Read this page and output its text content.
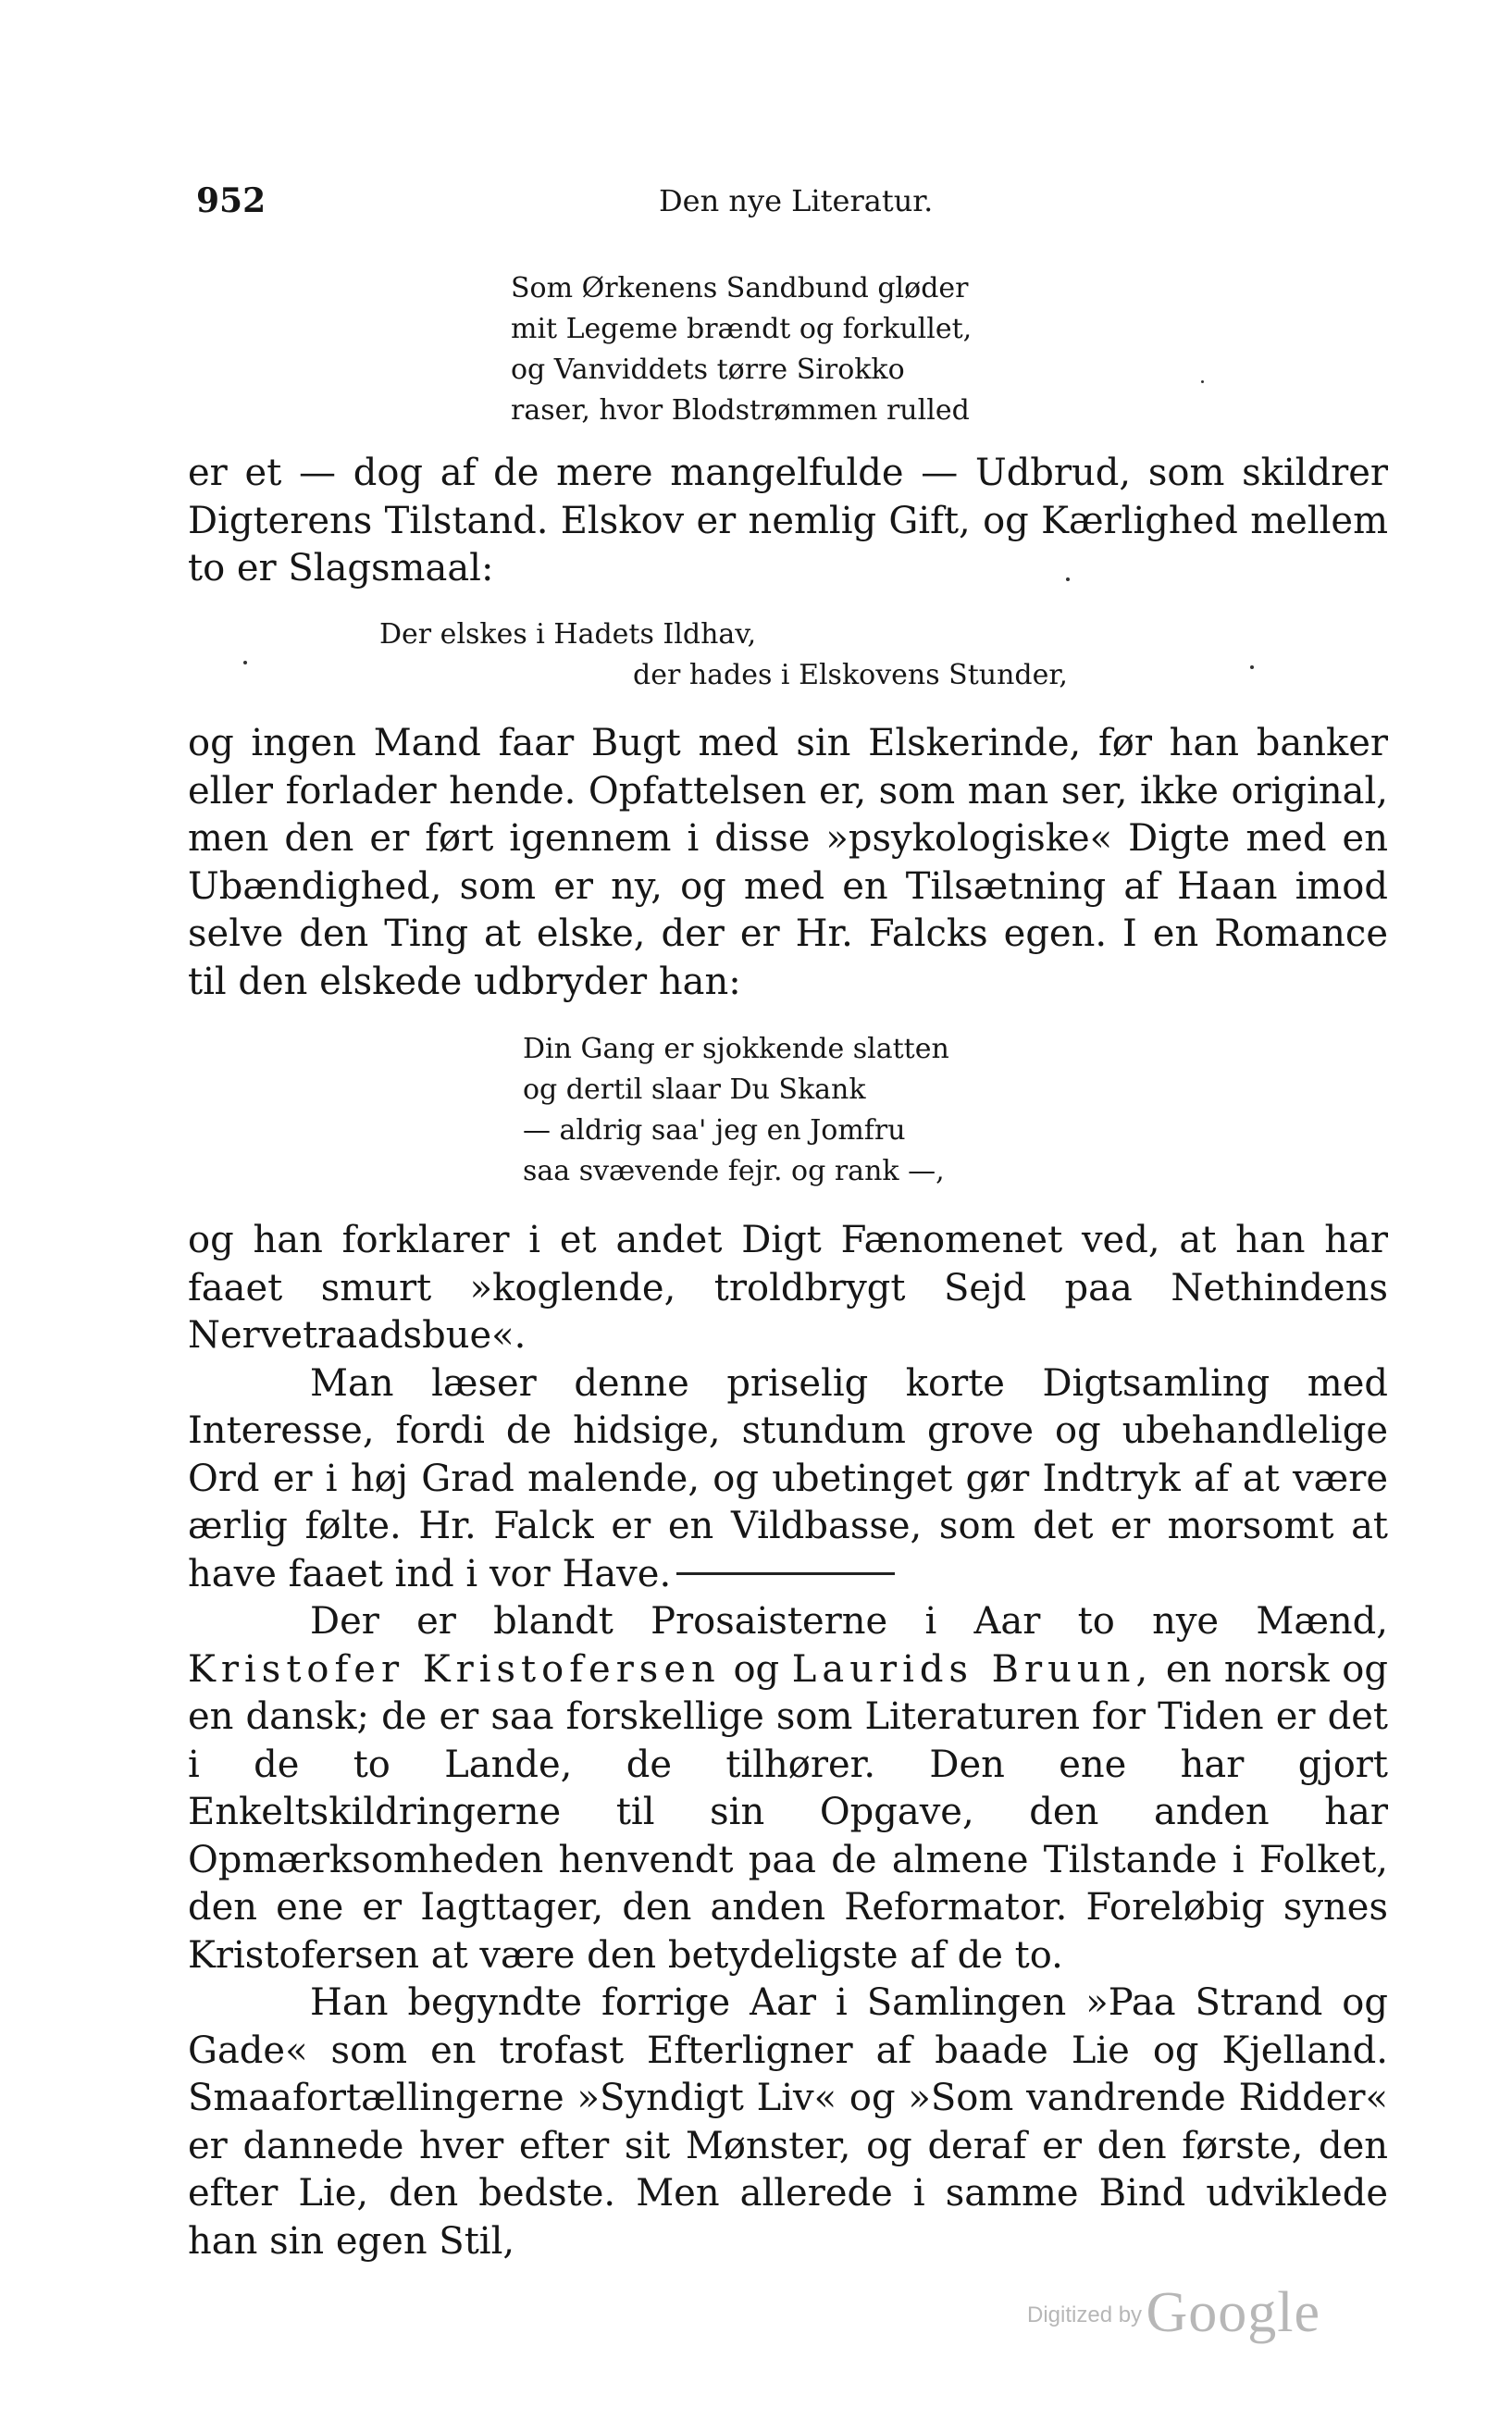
952	Den nye Literatur.
Som Ørkenens Sandbund gløder
mit Legeme brændt og forkullet,
og Vanviddets tørre Sirokko
raser, hvor Blodstrømmen rulled

er et — dog af de mere mangelfulde — Udbrud, som skildrer Digterens Tilstand. Elskov er nemlig Gift, og Kærlighed mellem to er Slagsmaal:

Der elskes i Hadets Ildhav,
der hades i Elskovens Stunder,

og ingen Mand faar Bugt med sin Elskerinde, før han banker eller forlader hende. Opfattelsen er, som man ser, ikke original, men den er ført igennem i disse »psykologiske« Digte med en Ubændighed, som er ny, og med en Tilsætning af Haan imod selve den Ting at elske, der er Hr. Falcks egen. I en Romance til den elskede udbryder han:

Din Gang er sjokkende slatten
og dertil slaar Du Skank
— aldrig saa' jeg en Jomfru
saa svævende fejr. og rank —,

og han forklarer i et andet Digt Fænomenet ved, at han har faaet smurt »koglende, troldbrygt Sejd paa Nethindens Nervetraadsbue«.

Man læser denne priselig korte Digtsamling med Interesse, fordi de hidsige, stundum grove og ubehandlelige Ord er i høj Grad malende, og ubetinget gør Indtryk af at være ærlig følte. Hr. Falck er en Vildbasse, som det er morsomt at have faaet ind i vor Have.

Der er blandt Prosaisterne i Aar to nye Mænd, Kristofer Kristofersen og Laurids Bruun, en norsk og en dansk; de er saa forskellige som Literaturen for Tiden er det i de to Lande, de tilhører. Den ene har gjort Enkeltskildringerne til sin Opgave, den anden har Opmærksomheden henvendt paa de almene Tilstande i Folket, den ene er Iagttager, den anden Reformator. Foreløbig synes Kristofersen at være den betydeligste af de to.

Han begyndte forrige Aar i Samlingen »Paa Strand og Gade« som en trofast Efterligner af baade Lie og Kjelland. Smaafortællingerne »Syndigt Liv« og »Som vandrende Ridder« er dannede hver efter sit Mønster, og deraf er den første, den efter Lie, den bedste. Men allerede i samme Bind udviklede han sin egen Stil,

Digitized by Google
